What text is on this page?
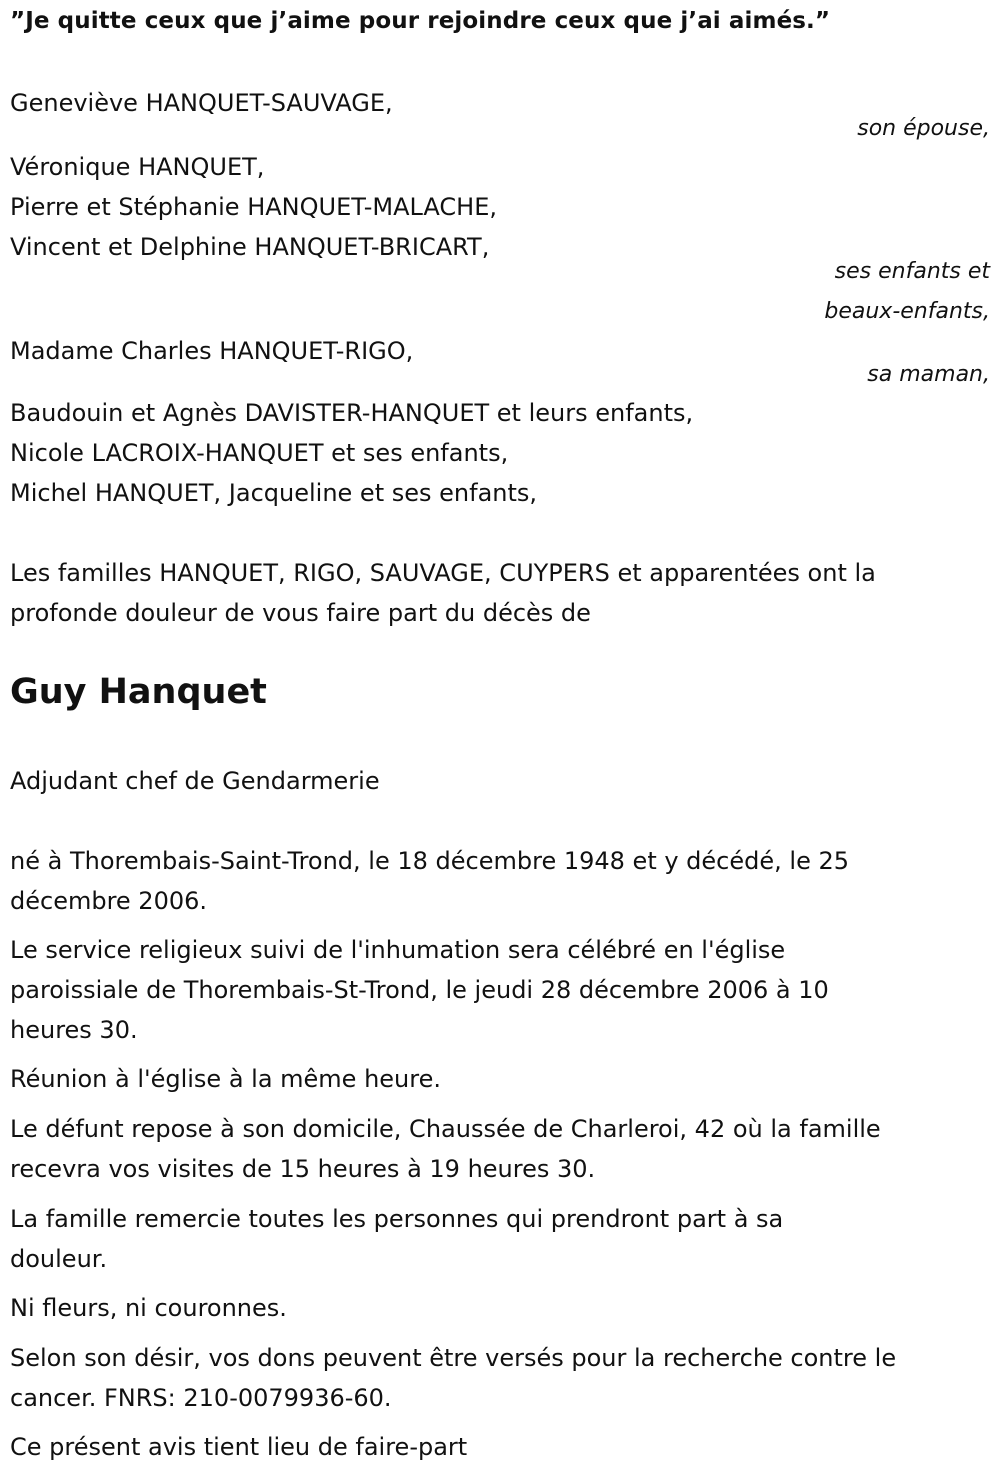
”Je quitte ceux que j’aime pour rejoindre ceux que j’ai aimés.”
Geneviève HANQUET-SAUVAGE,
son épouse,
Véronique HANQUET,
Pierre et Stéphanie HANQUET-MALACHE,
Vincent et Delphine HANQUET-BRICART,
ses enfants et
beaux-enfants,
Madame Charles HANQUET-RIGO,
sa maman,
Baudouin et Agnès DAVISTER-HANQUET et leurs enfants,
Nicole LACROIX-HANQUET et ses enfants,
Michel HANQUET, Jacqueline et ses enfants,
Les familles HANQUET, RIGO, SAUVAGE, CUYPERS et apparentées ont la
profonde douleur de vous faire part du décès de
Guy Hanquet
Adjudant chef de Gendarmerie
né à Thorembais-Saint-Trond, le 18 décembre 1948 et y décédé, le 25
décembre 2006.
Le service religieux suivi de l'inhumation sera célébré en l'église
paroissiale de Thorembais-St-Trond, le jeudi 28 décembre 2006 à 10
heures 30.
Réunion à l'église à la même heure.
Le défunt repose à son domicile, Chaussée de Charleroi, 42 où la famille
recevra vos visites de 15 heures à 19 heures 30.
La famille remercie toutes les personnes qui prendront part à sa
douleur.
Ni fleurs, ni couronnes.
Selon son désir, vos dons peuvent être versés pour la recherche contre le
cancer. FNRS: 210-0079936-60.
Ce présent avis tient lieu de faire-part
